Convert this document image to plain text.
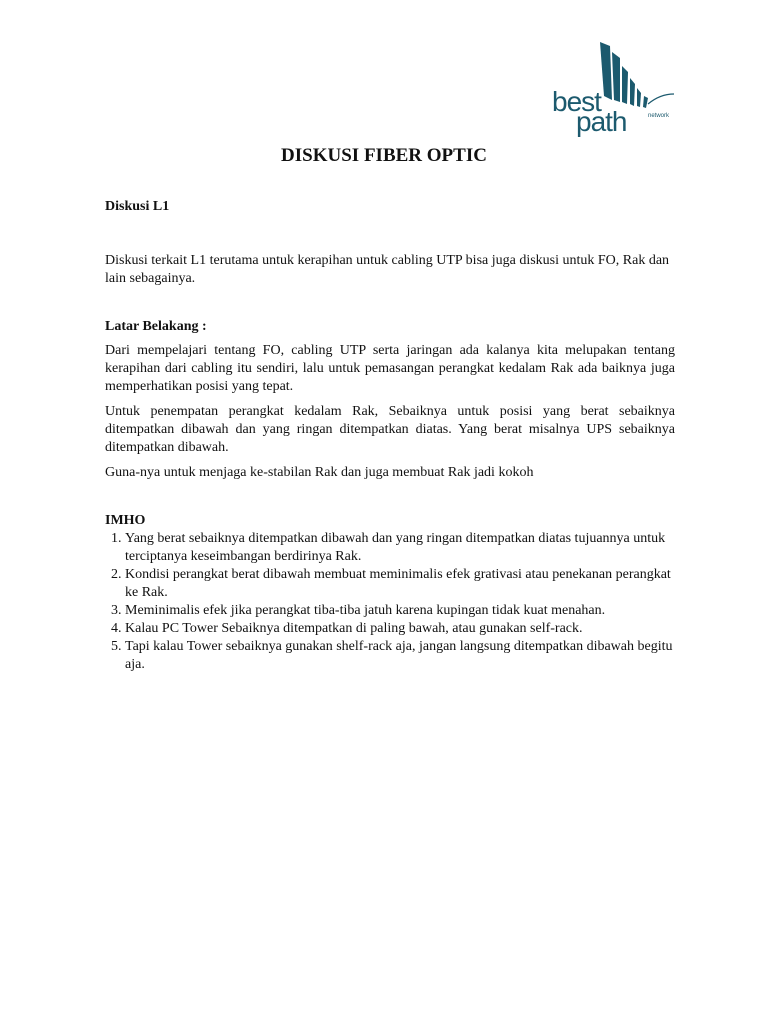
best
path	network
DISKUSI FIBER OPTIC

Diskusi L1

Diskusi terkait L1 terutama untuk kerapihan untuk cabling UTP bisa juga diskusi untuk FO, Rak dan lain sebagainya.

Latar Belakang :

Dari mempelajari tentang FO, cabling UTP serta jaringan ada kalanya kita melupakan tentang kerapihan dari cabling itu sendiri, lalu untuk pemasangan perangkat kedalam Rak ada baiknya juga memperhatikan posisi yang tepat.

Untuk penempatan perangkat kedalam Rak, Sebaiknya untuk posisi yang berat sebaiknya ditempatkan dibawah dan yang ringan ditempatkan diatas. Yang berat misalnya UPS sebaiknya ditempatkan dibawah.

Guna-nya untuk menjaga ke-stabilan Rak dan juga membuat Rak jadi kokoh

IMHO

1. Yang berat sebaiknya ditempatkan dibawah dan yang ringan ditempatkan diatas tujuannya untuk terciptanya keseimbangan berdirinya Rak.
2. Kondisi perangkat berat dibawah membuat meminimalis efek grativasi atau penekanan perangkat ke Rak.
3. Meminimalis efek jika perangkat tiba-tiba jatuh karena kupingan tidak kuat menahan.
4. Kalau PC Tower Sebaiknya ditempatkan di paling bawah, atau gunakan self-rack.
5. Tapi kalau Tower sebaiknya gunakan shelf-rack aja, jangan langsung ditempatkan dibawah begitu aja.
